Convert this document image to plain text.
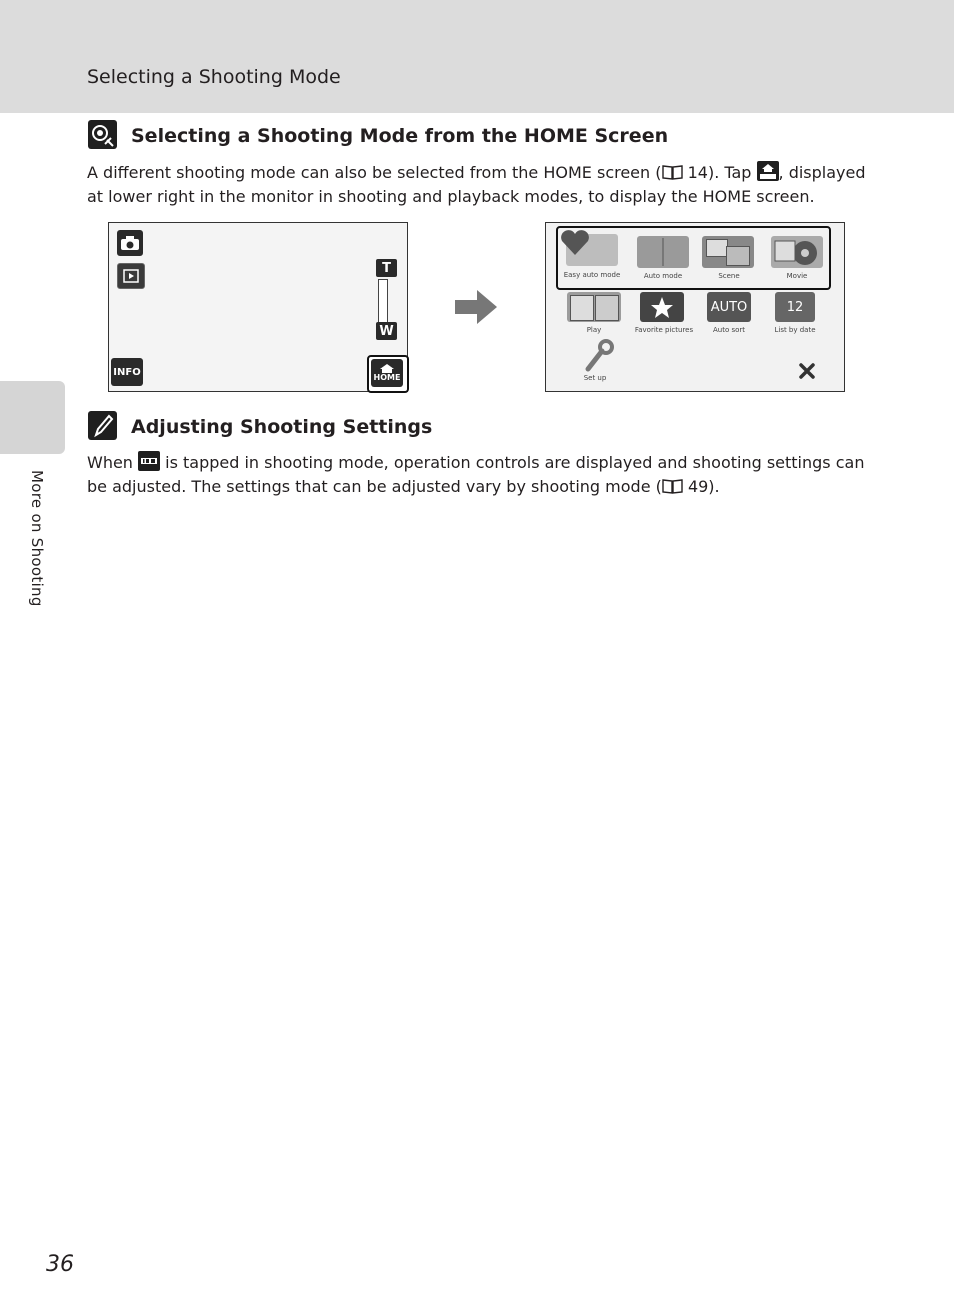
Selecting a Shooting Mode
More on Shooting
Selecting a Shooting Mode from the HOME Screen
A different shooting mode can also be selected from the HOME screen ( 14). Tap , displayed at lower right in the monitor in shooting and playback modes, to display the HOME screen.
T
W
INFO	HOME
Easy auto mode	Auto mode	Scene	Movie
AUTO	12
Play	Favorite pictures	Auto sort	List by date
Set up
Adjusting Shooting Settings
When  is tapped in shooting mode, operation controls are displayed and shooting settings can be adjusted. The settings that can be adjusted vary by shooting mode ( 49).
36
